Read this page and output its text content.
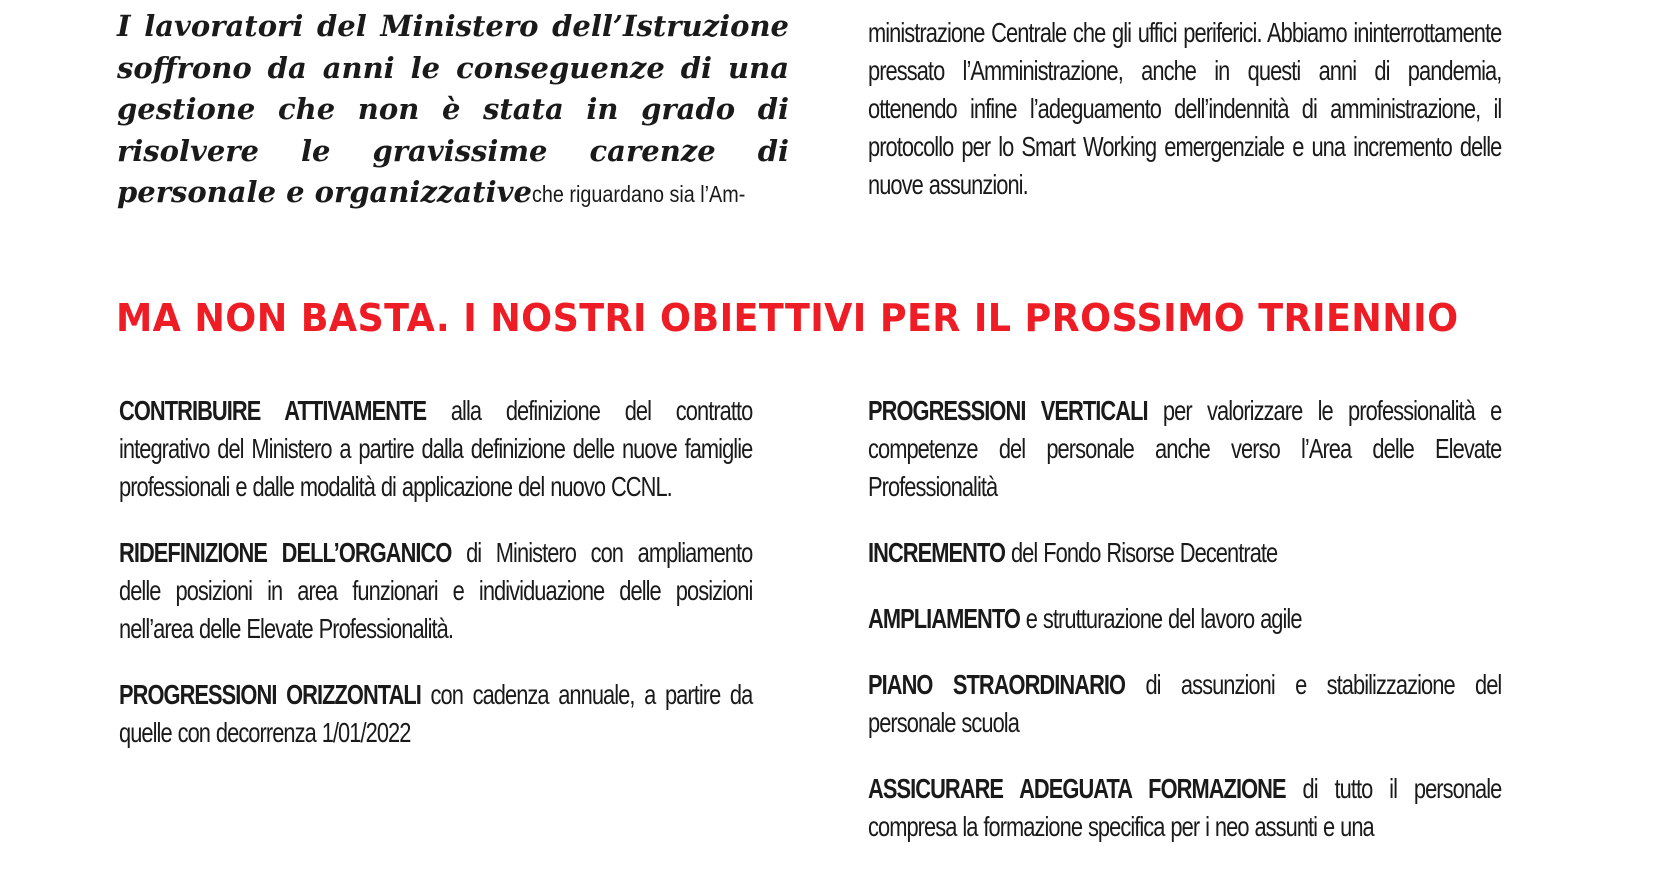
I lavoratori del Ministero dell’Istruzione soffrono da anni le conseguenze di una gestione che non è stata in grado di risolvere le gravissime carenze di personale e organizzativeche riguardano sia l’Am-
ministrazione Centrale che gli uffici periferici. Abbiamo ininterrottamente pressato l’Amministrazione, anche in questi anni di pandemia, ottenendo infine l’adeguamento dell’indennità di amministrazione, il protocollo per lo Smart Working emergenziale e una incremento delle nuove assunzioni.
MA NON BASTA. I NOSTRI OBIETTIVI PER IL PROSSIMO TRIENNIO

CONTRIBUIRE ATTIVAMENTE alla definizione del contratto integrativo del Ministero a partire dalla definizione delle nuove famiglie professionali e dalle modalità di applicazione del nuovo CCNL.

RIDEFINIZIONE DELL’ORGANICO di Ministero con ampliamento delle posizioni in area funzionari e individuazione delle posizioni nell’area delle Elevate Professionalità.

PROGRESSIONI ORIZZONTALI con cadenza annuale, a partire da quelle con decorrenza 1/01/2022

PROGRESSIONI VERTICALI per valorizzare le professionalità e competenze del personale anche verso l’Area delle Elevate Professionalità

INCREMENTO del Fondo Risorse Decentrate

AMPLIAMENTO e strutturazione del lavoro agile

PIANO STRAORDINARIO di assunzioni e stabilizzazione del personale scuola

ASSICURARE ADEGUATA FORMAZIONE di tutto il personale compresa la formazione specifica per i neo assunti e una
